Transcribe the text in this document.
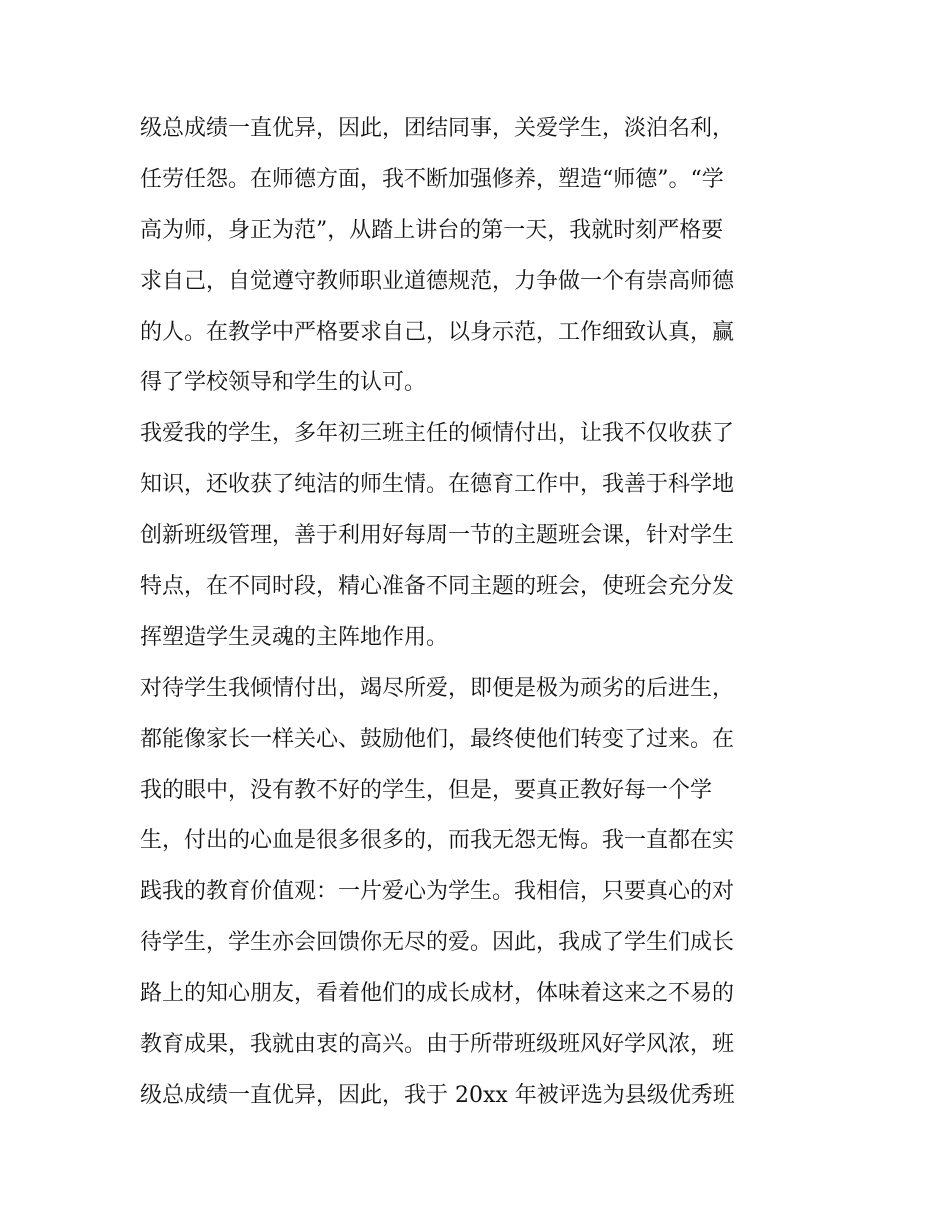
级总成绩一直优异，因此，团结同事，关爱学生，淡泊名利，
任劳任怨。在师德方面，我不断加强修养，塑造“师德”。“学
高为师，身正为范”，从踏上讲台的第一天，我就时刻严格要
求自己，自觉遵守教师职业道德规范，力争做一个有崇高师德
的人。在教学中严格要求自己，以身示范，工作细致认真，赢
得了学校领导和学生的认可。
我爱我的学生，多年初三班主任的倾情付出，让我不仅收获了
知识，还收获了纯洁的师生情。在德育工作中，我善于科学地
创新班级管理，善于利用好每周一节的主题班会课，针对学生
特点，在不同时段，精心准备不同主题的班会，使班会充分发
挥塑造学生灵魂的主阵地作用。
对待学生我倾情付出，竭尽所爱，即便是极为顽劣的后进生，
都能像家长一样关心、鼓励他们，最终使他们转变了过来。在
我的眼中，没有教不好的学生，但是，要真正教好每一个学
生，付出的心血是很多很多的，而我无怨无悔。我一直都在实
践我的教育价值观：一片爱心为学生。我相信，只要真心的对
待学生，学生亦会回馈你无尽的爱。因此，我成了学生们成长
路上的知心朋友，看着他们的成长成材，体味着这来之不易的
教育成果，我就由衷的高兴。由于所带班级班风好学风浓，班
级总成绩一直优异，因此，我于 20xx 年被评选为县级优秀班
